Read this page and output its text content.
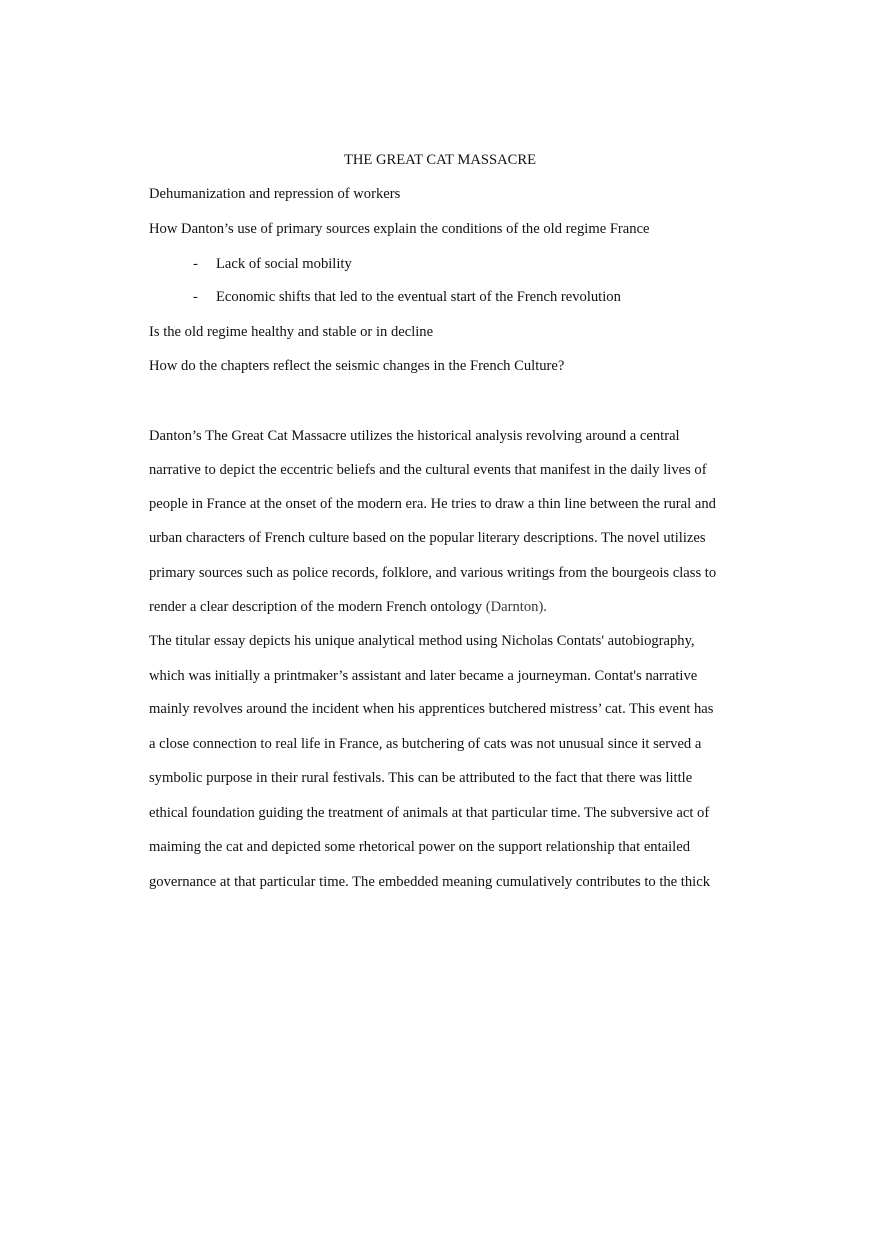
THE GREAT CAT MASSACRE

Dehumanization and repression of workers

How Danton’s use of primary sources explain the conditions of the old regime France

- Lack of social mobility
- Economic shifts that led to the eventual start of the French revolution

Is the old regime healthy and stable or in decline

How do the chapters reflect the seismic changes in the French Culture?

Danton’s The Great Cat Massacre utilizes the historical analysis revolving around a central

narrative to depict the eccentric beliefs and the cultural events that manifest in the daily lives of

people in France at the onset of the modern era. He tries to draw a thin line between the rural and

urban characters of French culture based on the popular literary descriptions. The novel utilizes

primary sources such as police records, folklore, and various writings from the bourgeois class to

render a clear description of the modern French ontology (Darnton).

The titular essay depicts his unique analytical method using Nicholas Contats' autobiography,

which was initially a printmaker’s assistant and later became a journeyman. Contat's narrative

mainly revolves around the incident when his apprentices butchered mistress’ cat. This event has

a close connection to real life in France, as butchering of cats was not unusual since it served a

symbolic purpose in their rural festivals. This can be attributed to the fact that there was little

ethical foundation guiding the treatment of animals at that particular time. The subversive act of

maiming the cat and depicted some rhetorical power on the support relationship that entailed

governance at that particular time. The embedded meaning cumulatively contributes to the thick
